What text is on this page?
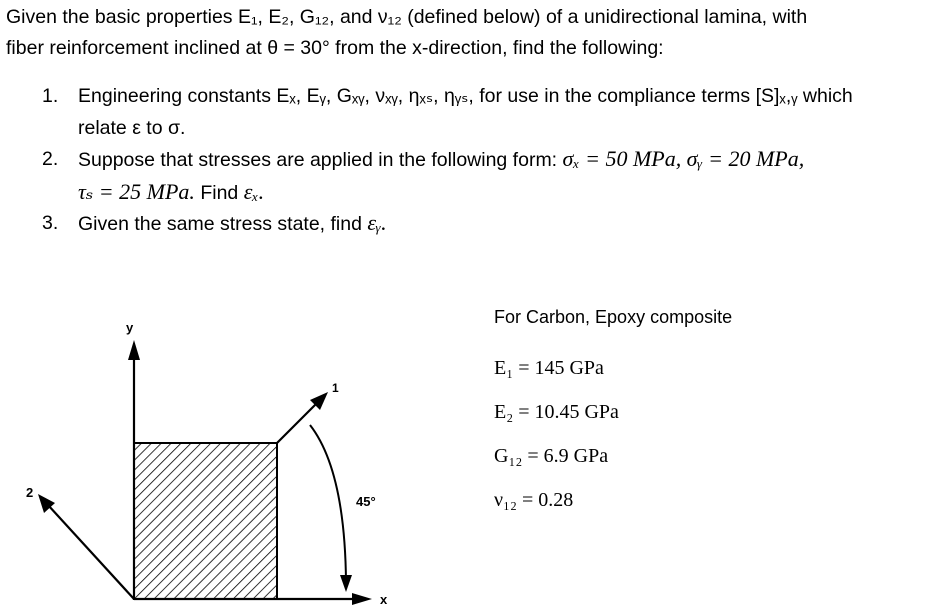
Given the basic properties E₁, E₂, G₁₂, and ν₁₂ (defined below) of a unidirectional lamina, with
fiber reinforcement inclined at θ = 30° from the x-direction, find the following:
1.	Engineering constants Eₓ, Eᵧ, Gₓᵧ, νₓᵧ, ηₓₛ, ηᵧₛ, for use in the compliance terms [S]ₓ,ᵧ which
relate ε to σ.
2.	Suppose that stresses are applied in the following form: σₓ = 50 MPa, σᵧ = 20 MPa,
τₛ = 25 MPa. Find εₓ.
3.	Given the same stress state, find εᵧ.
y
x
1
2
45°
For Carbon, Epoxy composite
E₁ = 145 GPa
E₂ = 10.45 GPa
G₁₂ = 6.9 GPa
ν₁₂ = 0.28
